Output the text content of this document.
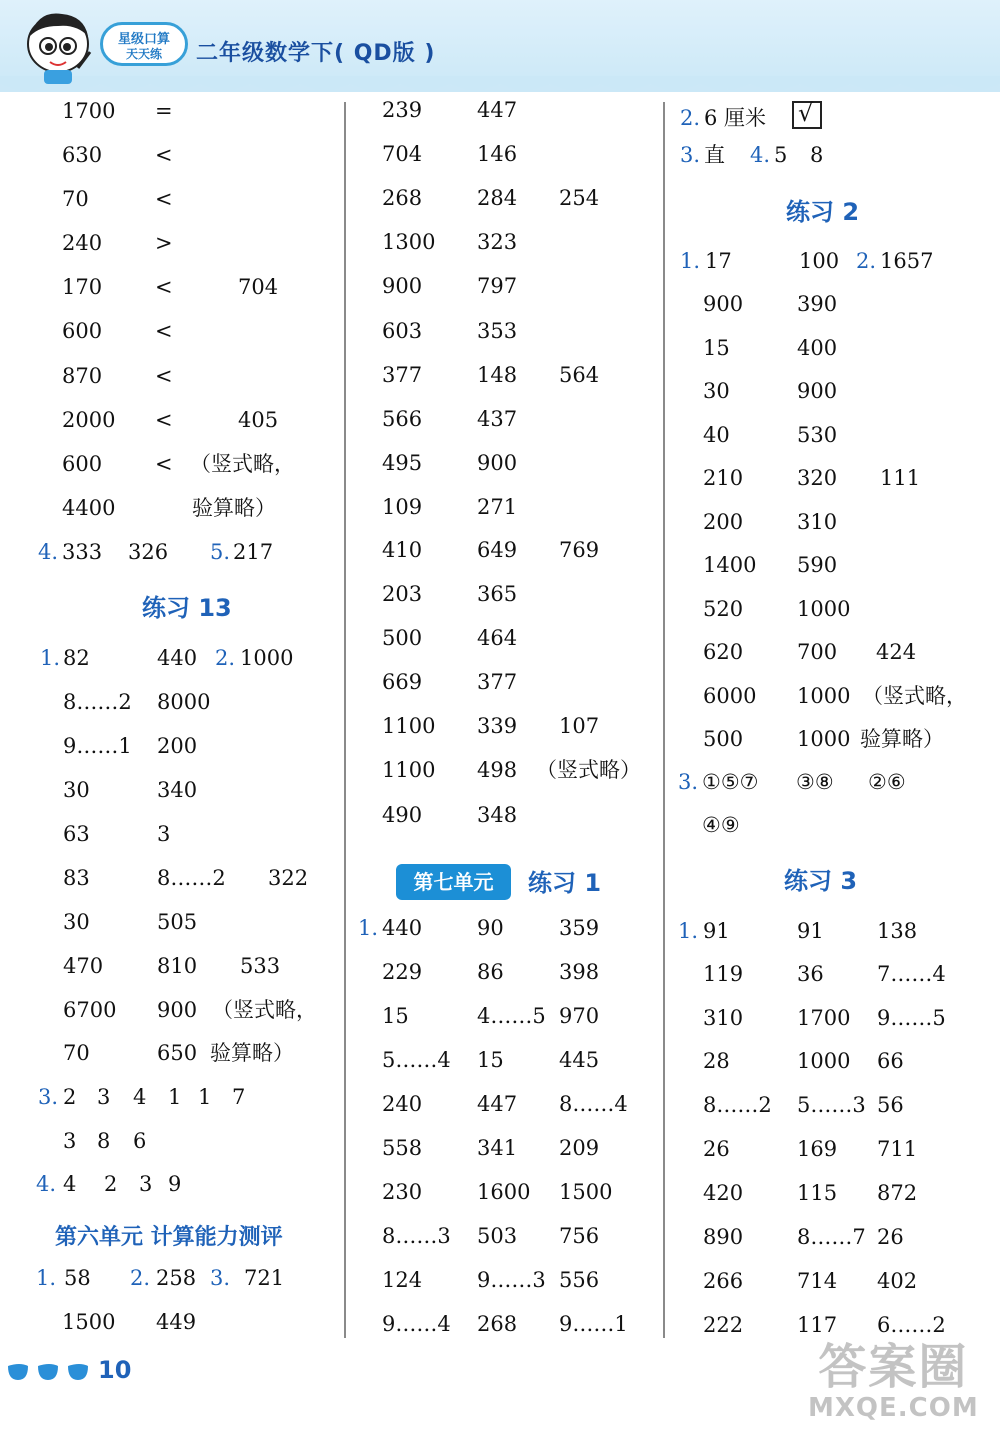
星级口算
天天练	二年级数学下( QD版 )
1700 =
630	<
70	<
240	>
170	<	704
600	<
870	<
2000 <	405
600	< （竖式略，
4400	验算略）
4. 333 326 5. 217
练习 13
1. 82	440 2. 1000
8……2 8000
9……1 200
30	340
63	3
83	8……2 322
30	505
470	810 533
6700 900 （竖式略，
70	650 验算略）
3. 2 3 4 1 1 7
3 8 6
4. 4 2 3 9
第六单元 计算能力测评
1. 58 2. 258 3. 721
1500 449
239	447
704	146
268	284 254
1300 323
900	797
603	353
377	148 564
566	437
495	900
109	271
410	649 769
203	365
500	464
669	377
1100 339 107
1100 498 （竖式略）
490	348
第七单元	练习 1
1. 440	90	359
229	86	398
15	4……5 970
5……4 15	445
240	447 8……4
558	341 209
230	1600 1500
8……3 503 756
124	9……3 556
9……4 268 9……1
2. 6 厘米 √
3. 直 4. 5 8
练习 2
1. 17	100 2. 1657
900	390
15	400
30	900
40	530
210	320 111
200	310
1400 590
520	1000
620	700 424
6000 1000 （竖式略，
500	1000 验算略）
3. ①⑤⑦ ③⑧ ②⑥
④⑨
练习 3
1. 91	91	138
119	36	7……4
310	1700 9……5
28	1000 66
8……2 5……3 56
26	169 711
420	115 872
890	8……7 26
266	714 402
222	117 6……2
10	答案圈
MXQE.COM
